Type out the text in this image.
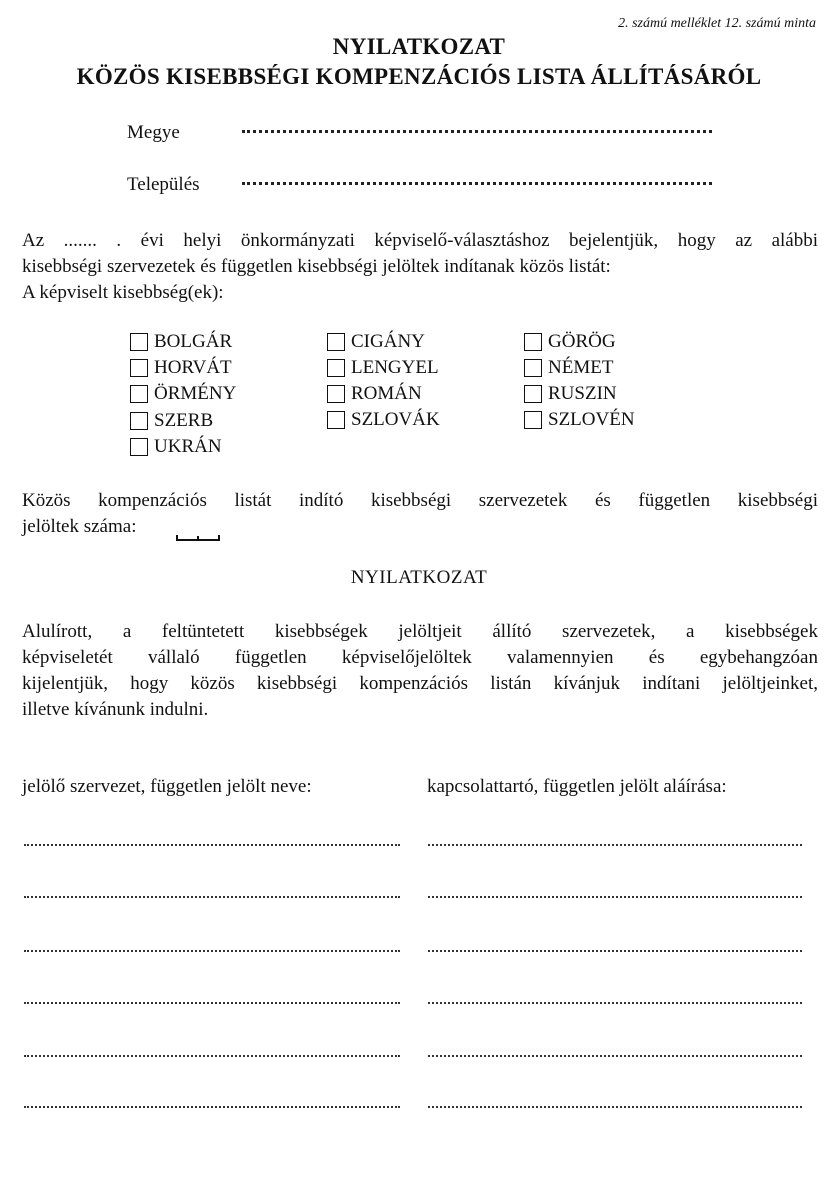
2. számú melléklet 12. számú minta
NYILATKOZAT
KÖZÖS KISEBBSÉGI KOMPENZÁCIÓS LISTA ÁLLÍTÁSÁRÓL
Megye
Település
Az ....... . évi helyi önkormányzati képviselő-választáshoz bejelentjük, hogy az alábbi
kisebbségi szervezetek és független kisebbségi jelöltek indítanak közös listát:
A képviselt kisebbség(ek):
BOLGÁR
HORVÁT
ÖRMÉNY
SZERB
UKRÁN
CIGÁNY
LENGYEL
ROMÁN
SZLOVÁK
GÖRÖG
NÉMET
RUSZIN
SZLOVÉN
Közös kompenzációs listát indító kisebbségi szervezetek és független kisebbségi
jelöltek száma:
NYILATKOZAT
Alulírott, a feltüntetett kisebbségek jelöltjeit állító szervezetek, a kisebbségek
képviseletét vállaló független képviselőjelöltek valamennyien és egybehangzóan
kijelentjük, hogy közös kisebbségi kompenzációs listán kívánjuk indítani jelöltjeinket,
illetve kívánunk indulni.
jelölő szervezet, független jelölt neve:	kapcsolattartó, független jelölt aláírása:
